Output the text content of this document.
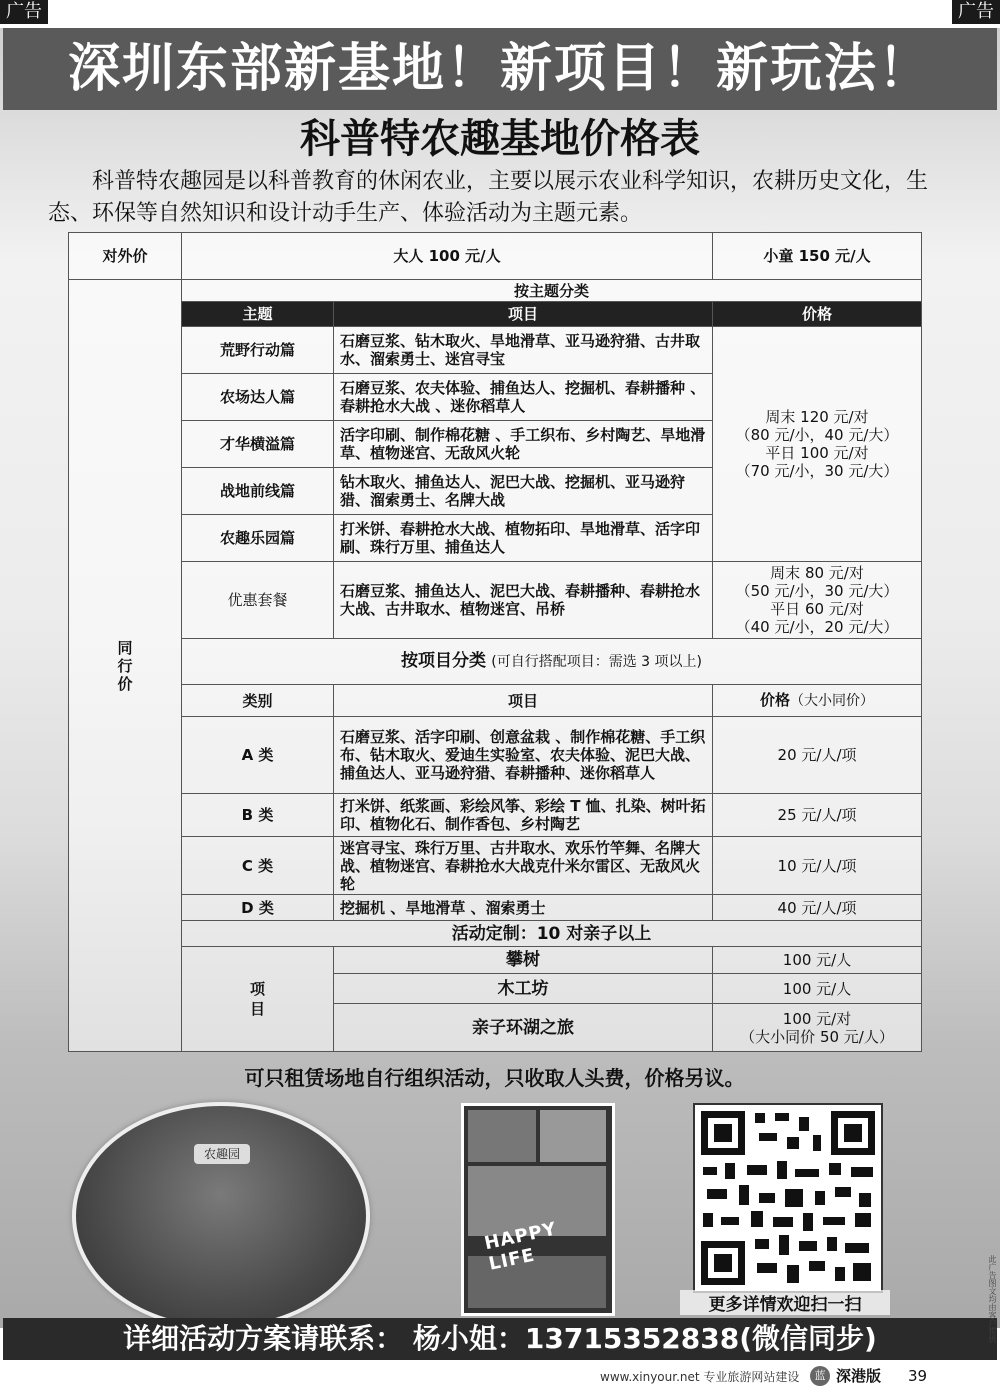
广告	广告
深圳东部新基地！新项目！新玩法！
科普特农趣基地价格表
科普特农趣园是以科普教育的休闲农业，主要以展示农业科学知识，农耕历史文化，生态、环保等自然知识和设计动手生产、体验活动为主题元素。
对外价	大人 100 元/人		小童 150 元/人

同
行
价	按主题分类		
	主题	项目	价格
	荒野行动篇	石磨豆浆、钻木取火、旱地滑草、亚马逊狩猎、古井取水、溜索勇士、迷宫寻宝	周末 120 元/对
（80 元/小，40 元/大）
平日 100 元/对
（70 元/小，30 元/大）

	农场达人篇	石磨豆浆、农夫体验、捕鱼达人、挖掘机、春耕播种 、春耕抢水大战 、迷你稻草人	
	才华横溢篇	活字印刷、制作棉花糖 、手工织布、乡村陶艺、旱地滑草、植物迷宫、无敌风火轮	
	战地前线篇	钻木取火、捕鱼达人、泥巴大战、挖掘机、亚马逊狩猎、溜索勇士、名牌大战	
	农趣乐园篇	打米饼、春耕抢水大战、植物拓印、旱地滑草、活字印刷、珠行万里、捕鱼达人	
	优惠套餐	石磨豆浆、捕鱼达人、泥巴大战、春耕播种、春耕抢水大战、古井取水、植物迷宫、吊桥	周末 80 元/对
（50 元/小，30 元/大）
平日 60 元/对
（40 元/小，20 元/大）

	按项目分类 (可自行搭配项目：需选 3 项以上)		
	类别	项目	价格（大小同价）
	A 类	石磨豆浆、活字印刷、创意盆栽 、制作棉花糖、手工织布、钻木取火、爱迪生实验室、农夫体验、泥巴大战、捕鱼达人、亚马逊狩猎、春耕播种、迷你稻草人	20 元/人/项
	B 类	打米饼、纸浆画、彩绘风筝、彩绘 T 恤、扎染、树叶拓印、植物化石、制作香包、乡村陶艺	25 元/人/项
	C 类	迷宫寻宝、珠行万里、古井取水、欢乐竹竿舞、名牌大战、植物迷宫、春耕抢水大战克什米尔雷区、无敌风火轮	10 元/人/项
	D 类	挖掘机 、旱地滑草 、溜索勇士	40 元/人/项
	活动定制：10 对亲子以上		

	项目	攀树	100 元/人
		木工坊	100 元/人
		亲子环湖之旅	100 元/对
（大小同价 50 元/人）
可只租赁场地自行组织活动，只收取人头费，价格另议。
农趣园
HAPPY LIFE
更多详情欢迎扫一扫
详细活动方案请联系： 杨小姐：13715352838(微信同步)
www.xinyour.net 专业旅游网站建设	蓝 深港版 39
此广告图文均由客户提供
